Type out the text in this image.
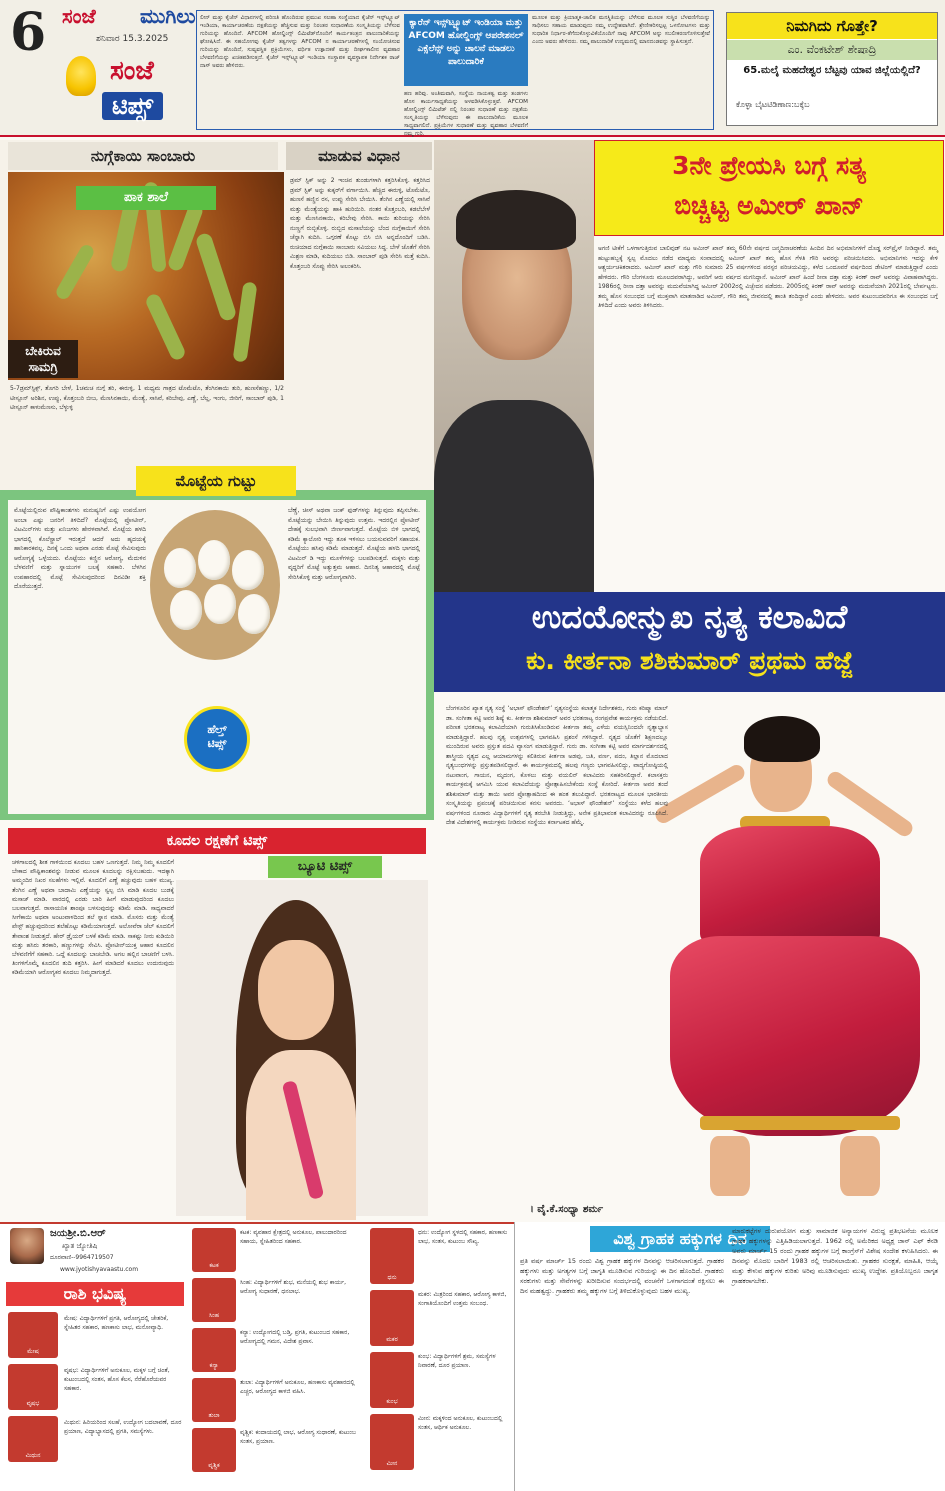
6 ಸಂಜೆ ಮುಗಿಲು
ಶನಿವಾರ 15.3.2025
ಸಂಜೆ
ಟಿಪ್ಸ್
ಲೀನ್ ಮತ್ತು ಕೈಜೆನ್ ವಿಧಾನಗಳಲ್ಲಿ ಪರಿಣತಿ ಹೊಂದಿರುವ ಪ್ರಮುಖ ಸಲಹಾ ಸಂಸ್ಥೆಯಾದ ಕೈಜೆನ್ ಇನ್ಸ್‌ಟ್ಟ್ಯೂಟ್ ಇಂಡಿಯಾ, ಕಾರ್ಯಾಚರಣೆಯ ದಕ್ಷತೆಯನ್ನು ಹೆಚ್ಚಿಸುವ ಮತ್ತು ನಿರಂತರ ಸುಧಾರಣೆಯ ಸಂಸ್ಕೃತಿಯನ್ನು ಬೆಳೆಸುವ ಗುರಿಯನ್ನು ಹೊಂದಿದೆ. AFCOM ಹೋಲ್ಡಿಂಗ್ಸ್ ಲಿಮಿಟೆಡ್‌ನೊಂದಿಗೆ ಕಾರ್ಯತಂತ್ರದ ಪಾಲುದಾರಿಕೆಯನ್ನು ಘೋಷಿಸಿದೆ. ಈ ಸಹಯೋಗವು ಕೈಜೆನ್ ತತ್ವಗಳನ್ನು AFCOM ನ ಕಾರ್ಯಾಚರಣೆಗಳಲ್ಲಿ ಸಂಯೋಜಿಸುವ ಗುರಿಯನ್ನು ಹೊಂದಿದೆ, ಸುವ್ಯವಸ್ಥಿತ ಪ್ರಕ್ರಿಯೆಗಳು, ವರ್ಧಿತ ಉತ್ಪಾದಕತೆ ಮತ್ತು ದೀರ್ಘಕಾಲೀನ ವ್ಯವಹಾರ ಬೆಳವಣಿಗೆಯನ್ನು ಖಚಿತಪಡಿಸುತ್ತದೆ. ಕೈಜೆನ್ ಇನ್ಸ್‌ಟ್ಟ್ಯೂಟ್ ಇಂಡಿಯಾ ಸಂಸ್ಥಾಪಕ ವ್ಯವಸ್ಥಾಪಕ ನಿರ್ದೇಶಕ ರಾಜ್ ದಾಸ್ ಅವರು ಹೇಳಿದರು.
ಕ್ಯಾರೆನ್ ಇನ್ಸ್‌ಟ್ಟ್ಯೂಟ್ ಇಂಡಿಯಾ ಮತ್ತು AFCOM ಹೋಲ್ಡಿಂಗ್ಸ್ ಆಪರೇಶನಲ್ ಎಕ್ಸೆಲೆನ್ಸ್ ಅನ್ನು ಚಾಲನೆ ಮಾಡಲು ಪಾಲುದಾರಿಕೆ
ಹಣ ಹರಿವು. ಅಂತಿಮವಾಗಿ, ಸಂಸ್ಥೆಯ ನಾಯಕತ್ವ ಮತ್ತು ತಂಡಗಳು ಹೊಸ ಕಾರ್ಯಸಾಧ್ಯತೆಯನ್ನು ಅಳವಡಿಸಿಕೊಳ್ಳುತ್ತವೆ. AFCOM ಹೋಲ್ಡಿಂಗ್ಸ್ ಲಿಮಿಟೆಡ್ ನಲ್ಲಿ ನಿರಂತರ ಸುಧಾರಣೆ ಮತ್ತು ದಕ್ಷತೆಯ ಸಂಸ್ಕೃತಿಯನ್ನು ಬೆಳೆಸುವುದು ಈ ಪಾಲುದಾರಿಕೆಯ ಮೂಲಕ ಸಾಧ್ಯವಾಗಲಿದೆ. ಪ್ರಕ್ರಿಯೆಗಳ ಸುಧಾರಣೆ ಮತ್ತು ವ್ಯವಹಾರ ಬೆಳವಣಿಗೆ ನಮ್ಮ ಗುರಿ.
ಮೂಲಕ ಮತ್ತು ಕ್ರಿಯಾತ್ಮಕ-ಚಾಲಿತ ಮನಸ್ಥಿತಿಯನ್ನು ಬೆಳೆಸುವ ಮೂಲಕ ಸುಸ್ಥಿರ ಬೆಳವಣಿಗೆಯನ್ನು ಸಾಧಿಸಲು ಸಹಾಯ ಮಾಡುವುದು ನಮ್ಮ ಉದ್ದೇಶವಾಗಿದೆ. ಶ್ರೇಣೀಕರಿಸಲ್ಪಟ್ಟ ಒಳನೋಟಗಳು ಮತ್ತು ಸುಧಾರಿತ ನಿರ್ಧಾರ-ತೆಗೆದುಕೊಳ್ಳುವಿಕೆಯೊಂದಿಗೆ ನಾವು AFCOM ಅನ್ನು ಸಬಲೀಕರಣಗೊಳಿಸುತ್ತೇವೆ ಎಂದು ಅವರು ಹೇಳಿದರು. ನಮ್ಮ ಪಾಲುದಾರಿಕೆ ಉದ್ಯಮದಲ್ಲಿ ಮಾನದಂಡವನ್ನು ಸ್ಥಾಪಿಸುತ್ತದೆ.
ನಿಮಗಿದು ಗೊತ್ತೇ?
ಎಂ. ವೆಂಕಟೇಶ್ ಶೇಷಾದ್ರಿ
65.ಮಲೈ ಮಹದೇಶ್ವರ ಬೆಟ್ಟವು ಯಾವ ಜಿಲ್ಲೆಯಲ್ಲಿದೆ?
ಕೊಳ್ಳಾ ಬೈಟಟಿಡಿಣಾಣ:ಬಕ್ಕೆಬ
ನುಗ್ಗೆಕಾಯಿ ಸಾಂಬಾರು	ಮಾಡುವ ವಿಧಾನ
ಪಾಕ ಶಾಲೆ
ಬೇಕಿರುವ
ಸಾಮಗ್ರಿ
ಡ್ರಮ್ ಸ್ಟಿಕ್ ಅನ್ನು 2 ಇಂಚಿನ ತುಂಡುಗಳಾಗಿ ಕತ್ತರಿಸಿಕೊಳ್ಳಿ. ಕತ್ತರಿಸಿದ ಡ್ರಮ್ ಸ್ಟಿಕ್ ಅನ್ನು ಕುಕ್ಕರ್‌ಗೆ ವರ್ಗಾಯಿಸಿ. ಹೆಚ್ಚಿದ ಈರುಳ್ಳಿ, ಟೊಮೆಟೊ, ಹುಣಸೆ ಹಣ್ಣಿನ ರಸ, ಉಪ್ಪು ಸೇರಿಸಿ ಬೇಯಿಸಿ. ತೆಂಗಿನ ಎಣ್ಣೆಯಲ್ಲಿ ಸಾಸಿವೆ ಮತ್ತು ಮೆಂತ್ಯೆಯನ್ನು ಹಾಕಿ ಹುರಿಯಿರಿ. ನಂತರ ಕೊತ್ತಂಬರಿ, ಕಡಲೆಬೇಳೆ ಮತ್ತು ಮೆಣಸಿನಕಾಯಿ, ಕರಿಬೇವು ಸೇರಿಸಿ. ಕಾಯಿ ತುರಿಯನ್ನು ಸೇರಿಸಿ ನುಣ್ಣಗೆ ರುಬ್ಬಿಕೊಳ್ಳಿ. ರುಬ್ಬಿದ ಮಸಾಲೆಯನ್ನು ಬೆಂದ ನುಗ್ಗೆಕಾಯಿಗೆ ಸೇರಿಸಿ ಚೆನ್ನಾಗಿ ಕುದಿಸಿ. ಒಗ್ಗರಣೆ ಕೊಟ್ಟು ಬಿಸಿ ಬಿಸಿ ಅನ್ನದೊಂದಿಗೆ ಬಡಿಸಿ. ರುಚಿಯಾದ ನುಗ್ಗೆಕಾಯಿ ಸಾಂಬಾರು ಸವಿಯಲು ಸಿದ್ಧ. ಬೇಳೆ ಜೊತೆಗೆ ಸೇರಿಸಿ ಮಿಶ್ರಣ ಮಾಡಿ, ಕುದಿಯಲು ಬಿಡಿ. ಸಾಂಬಾರ್ ಪುಡಿ ಸೇರಿಸಿ ಮತ್ತೆ ಕುದಿಸಿ. ಕೊತ್ತಂಬರಿ ಸೊಪ್ಪು ಸೇರಿಸಿ ಅಲಂಕರಿಸಿ.
5-7ಡ್ರಮ್‌ಸ್ಟಿಕ್ಸ್, ತೊಗರಿ ಬೇಳೆ, 1ಚಮಚ ನುಗ್ಗೆ ತರಿ, ಈರುಳ್ಳಿ, 1 ಮಧ್ಯಮ ಗಾತ್ರದ ಟೊಮೆಟೊ, ತೆಂಗಿನಕಾಯಿ ತುರಿ, ಹುಣಸೆಹಣ್ಣು, 1/2 ಟೀಸ್ಪೂನ್ ಅರಿಶಿನ, ಉಪ್ಪು, ಕೊತ್ತಂಬರಿ ಬೀಜ, ಮೆಣಸಿನಕಾಯಿ, ಮೆಂತ್ಯೆ, ಸಾಸಿವೆ, ಕರಿಬೇವು, ಎಣ್ಣೆ, ಬೆಲ್ಲ, ಇಂಗು, ಜೀರಿಗೆ, ಸಾಂಬಾರ್ ಪುಡಿ, 1 ಟೀಸ್ಪೂನ್ ಕಾಳುಮೆಣಸು, ಬೆಳ್ಳುಳ್ಳಿ
3ನೇ ಪ್ರೇಯಸಿ ಬಗ್ಗೆ ಸತ್ಯ
ಬಿಚ್ಚಿಟ್ಟ ಅಮೀರ್ ಖಾನ್
ಅಗಣಿ ಟೀಕೆಗೆ ಒಳಗಾಗುತ್ತಿರುವ ಬಾಲಿವುಡ್ ನಟ ಅಮೀರ್ ಖಾನ್ ತಮ್ಮ 60ನೇ ವರ್ಷದ ಜನ್ಮದಿನಾಚರಣೆಯ ಹಿಂದಿನ ದಿನ ಅಭಿಮಾನಿಗಳಿಗೆ ದೊಡ್ಡ ಸರ್‌ಪ್ರೈಸ್ ನೀಡಿದ್ದಾರೆ. ತಮ್ಮ ಹುಟ್ಟುಹಬ್ಬಕ್ಕೆ ಸ್ವಲ್ಪ ಮೊದಲು ನಡೆದ ಮಾಧ್ಯಮ ಸಂವಾದದಲ್ಲಿ ಅಮೀರ್ ಖಾನ್ ತಮ್ಮ ಹೊಸ ಗೆಳತಿ ಗೌರಿ ಅವರನ್ನು ಪರಿಚಯಿಸಿದರು. ಅಭಿಮಾನಿಗಳು ಇದನ್ನು ಕೇಳಿ ಆಶ್ಚರ್ಯಚಕಿತರಾದರು. ಅಮೀರ್ ಖಾನ್ ಮತ್ತು ಗೌರಿ ಸುಮಾರು 25 ವರ್ಷಗಳಿಂದ ಪರಸ್ಪರ ಪರಿಚಯವಿದ್ದು, ಕಳೆದ ಒಂದೂವರೆ ವರ್ಷದಿಂದ ಡೇಟಿಂಗ್ ಮಾಡುತ್ತಿದ್ದಾರೆ ಎಂದು ಹೇಳಿದರು. ಗೌರಿ ಬೆಂಗಳೂರು ಮೂಲದವರಾಗಿದ್ದು, ಅವರಿಗೆ ಆರು ವರ್ಷದ ಮಗನಿದ್ದಾನೆ. ಅಮೀರ್ ಖಾನ್ ಹಿಂದೆ ರೀನಾ ದತ್ತಾ ಮತ್ತು ಕಿರಣ್ ರಾವ್ ಅವರನ್ನು ವಿವಾಹವಾಗಿದ್ದರು. 1986ರಲ್ಲಿ ರೀನಾ ದತ್ತಾ ಅವರನ್ನು ಮದುವೆಯಾಗಿದ್ದ ಅಮೀರ್ 2002ರಲ್ಲಿ ವಿಚ್ಛೇದನ ಪಡೆದರು. 2005ರಲ್ಲಿ ಕಿರಣ್ ರಾವ್ ಅವರನ್ನು ಮದುವೆಯಾಗಿ 2021ರಲ್ಲಿ ಬೇರ್ಪಟ್ಟರು. ತಮ್ಮ ಹೊಸ ಸಂಬಂಧದ ಬಗ್ಗೆ ಮುಕ್ತವಾಗಿ ಮಾತನಾಡಿದ ಅಮೀರ್, ಗೌರಿ ತಮ್ಮ ಜೀವನದಲ್ಲಿ ಶಾಂತಿ ತಂದಿದ್ದಾರೆ ಎಂದು ಹೇಳಿದರು. ಅವರ ಕುಟುಂಬದವರಿಗೂ ಈ ಸಂಬಂಧದ ಬಗ್ಗೆ ತಿಳಿದಿದೆ ಎಂದು ಅವರು ತಿಳಿಸಿದರು.
ಮೊಟ್ಟೆಯ ಗುಟ್ಟು
ಹೆಲ್ತ್
ಟಿಪ್ಸ್
ಮೊಟ್ಟೆಯಲ್ಲಿರುವ ಪೌಷ್ಟಿಕಾಂಶಗಳು ಮನುಷ್ಯನಿಗೆ ಎಷ್ಟು ಉಪಯೋಗ ಅಂಬಾ ಎಷ್ಟು ಜನರಿಗೆ ತಿಳಿದಿದೆ? ಮೊಟ್ಟೆಯಲ್ಲಿ ಪ್ರೋಟೀನ್, ವಿಟಮಿನ್‌ಗಳು ಮತ್ತು ಖನಿಜಗಳು ಹೇರಳವಾಗಿವೆ. ಮೊಟ್ಟೆಯ ಹಳದಿ ಭಾಗದಲ್ಲಿ ಕೊಲೆಸ್ಟ್ರಾಲ್ ಇರುತ್ತದೆ ಆದರೆ ಅದು ಹೃದಯಕ್ಕೆ ಹಾನಿಕಾರಕವಲ್ಲ. ದಿನಕ್ಕೆ ಒಂದು ಅಥವಾ ಎರಡು ಮೊಟ್ಟೆ ಸೇವಿಸುವುದು ಆರೋಗ್ಯಕ್ಕೆ ಒಳ್ಳೆಯದು. ಮೊಟ್ಟೆಯು ಕಣ್ಣಿನ ಆರೋಗ್ಯ, ಮೆದುಳಿನ ಬೆಳವಣಿಗೆ ಮತ್ತು ಸ್ನಾಯುಗಳ ಬಲಕ್ಕೆ ಸಹಕಾರಿ. ಬೆಳಗಿನ ಉಪಹಾರದಲ್ಲಿ ಮೊಟ್ಟೆ ಸೇವಿಸುವುದರಿಂದ ದಿನವಿಡೀ ಶಕ್ತಿ ದೊರೆಯುತ್ತದೆ.
ಬೆಣ್ಣೆ, ಚೀಸ್ ಅಥವಾ ಜಂಕ್ ಫುಡ್‌ಗಳನ್ನು ತಿನ್ನುವುದು ತಪ್ಪಿಸಬೇಕು. ಮೊಟ್ಟೆಯನ್ನು ಬೇಯಿಸಿ ತಿನ್ನುವುದು ಉತ್ತಮ. ಇದರಲ್ಲಿನ ಪ್ರೋಟೀನ್ ದೇಹಕ್ಕೆ ಸುಲಭವಾಗಿ ಜೀರ್ಣವಾಗುತ್ತದೆ. ಮೊಟ್ಟೆಯ ಬಿಳಿ ಭಾಗದಲ್ಲಿ ಕಡಿಮೆ ಕ್ಯಾಲೋರಿ ಇದ್ದು ತೂಕ ಇಳಿಸಲು ಬಯಸುವವರಿಗೆ ಸಹಾಯಕ. ಮೊಟ್ಟೆಯು ಹಸಿವು ಕಡಿಮೆ ಮಾಡುತ್ತದೆ. ಮೊಟ್ಟೆಯ ಹಳದಿ ಭಾಗದಲ್ಲಿ ವಿಟಮಿನ್ ಡಿ ಇದ್ದು ಮೂಳೆಗಳನ್ನು ಬಲಪಡಿಸುತ್ತದೆ. ಮಕ್ಕಳು ಮತ್ತು ವೃದ್ಧರಿಗೆ ಮೊಟ್ಟೆ ಅತ್ಯುತ್ತಮ ಆಹಾರ. ದಿನನಿತ್ಯ ಆಹಾರದಲ್ಲಿ ಮೊಟ್ಟೆ ಸೇರಿಸಿಕೊಳ್ಳಿ ಮತ್ತು ಆರೋಗ್ಯವಾಗಿರಿ.
ಕೂದಲ ರಕ್ಷಣೆಗೆ ಟಿಪ್ಸ್
ಬ್ಯೂಟಿ ಟಿಪ್ಸ್
ಚಳಿಗಾಲದಲ್ಲಿ ಶೀತ ಗಾಳಿಯಿಂದ ಕೂದಲು ಬಹಳ ಒಣಗುತ್ತದೆ. ನಿಮ್ಮ ನಿಮ್ಮ ಕೂದಲಿಗೆ ಬೇಕಾದ ಪೌಷ್ಟಿಕಾಂಶವನ್ನು ನೀಡುವ ಮೂಲಕ ಕೂದಲನ್ನು ರಕ್ಷಿಸಬಹುದು. ಇದಕ್ಕಾಗಿ ಅಮ್ಮಂದಿರ ನಿಖರ ಸಲಹೆಗಳು ಇಲ್ಲಿವೆ. ಕೂದಲಿಗೆ ಎಣ್ಣೆ ಹಚ್ಚುವುದು ಬಹಳ ಮುಖ್ಯ. ತೆಂಗಿನ ಎಣ್ಣೆ ಅಥವಾ ಬಾದಾಮಿ ಎಣ್ಣೆಯನ್ನು ಸ್ವಲ್ಪ ಬಿಸಿ ಮಾಡಿ ಕೂದಲ ಬುಡಕ್ಕೆ ಮಸಾಜ್ ಮಾಡಿ. ವಾರದಲ್ಲಿ ಎರಡು ಬಾರಿ ಹೀಗೆ ಮಾಡುವುದರಿಂದ ಕೂದಲು ಬಲವಾಗುತ್ತದೆ. ರಾಸಾಯನಿಕ ಶಾಂಪೂ ಬಳಸುವುದನ್ನು ಕಡಿಮೆ ಮಾಡಿ. ಸಾಧ್ಯವಾದರೆ ಸೀಗೆಕಾಯಿ ಅಥವಾ ಅಂಟುವಾಳದಿಂದ ತಲೆ ಸ್ನಾನ ಮಾಡಿ. ಮೊಸರು ಮತ್ತು ಮೆಂತ್ಯೆ ಪೇಸ್ಟ್ ಹಚ್ಚುವುದರಿಂದ ತಲೆಹೊಟ್ಟು ಕಡಿಮೆಯಾಗುತ್ತದೆ. ಅಲೋವೆರಾ ಜೆಲ್ ಕೂದಲಿಗೆ ತೇವಾಂಶ ನೀಡುತ್ತದೆ. ಹೇರ್ ಡ್ರೈಯರ್ ಬಳಕೆ ಕಡಿಮೆ ಮಾಡಿ. ಸಾಕಷ್ಟು ನೀರು ಕುಡಿಯಿರಿ ಮತ್ತು ಹಸಿರು ತರಕಾರಿ, ಹಣ್ಣುಗಳನ್ನು ಸೇವಿಸಿ. ಪ್ರೋಟೀನ್‌ಯುಕ್ತ ಆಹಾರ ಕೂದಲಿನ ಬೆಳವಣಿಗೆಗೆ ಸಹಕಾರಿ. ಒದ್ದೆ ಕೂದಲನ್ನು ಬಾಚಬೇಡಿ. ಅಗಲ ಹಲ್ಲಿನ ಬಾಚಣಿಗೆ ಬಳಸಿ. ತಿಂಗಳಿಗೊಮ್ಮೆ ಕೂದಲಿನ ತುದಿ ಕತ್ತರಿಸಿ. ಹೀಗೆ ಮಾಡಿದರೆ ಕೂದಲು ಉದುರುವುದು ಕಡಿಮೆಯಾಗಿ ಆರೋಗ್ಯಕರ ಕೂದಲು ನಿಮ್ಮದಾಗುತ್ತದೆ.
ಉದಯೋನ್ಮುಖ ನೃತ್ಯ ಕಲಾವಿದೆ
ಕು. ಕೀರ್ತನಾ ಶಶಿಕುಮಾರ್ ಪ್ರಥಮ ಹೆಜ್ಜೆ
ಬೆಂಗಳೂರಿನ ಖ್ಯಾತ ನೃತ್ಯ ಸಂಸ್ಥೆ ‘ಅಭಾಸ್ ಫೌಂಡೇಶನ್’ ನೃತ್ಯಸಂಸ್ಥೆಯ ಕಲಾತ್ಮಕ ನಿರ್ದೇಶಕರು, ಗುರು ಕರಿಷ್ಮಾ ಮಾಲ್ ಡಾ. ಸಂಗೀತಾ ಕಟ್ಟಿ ಅವರ ಶಿಷ್ಯೆ ಕು. ಕೀರ್ತನಾ ಶಶಿಕುಮಾರ್ ಅವರ ಭರತನಾಟ್ಯ ರಂಗಪ್ರವೇಶ ಕಾರ್ಯಕ್ರಮ ನಡೆಯಲಿದೆ. ಪರಿಣತ ಭರತನಾಟ್ಯ ಕಲಾವಿದೆಯಾಗಿ ಗುರುತಿಸಿಕೊಂಡಿರುವ ಕೀರ್ತನಾ ತಮ್ಮ ಎಳೆಯ ವಯಸ್ಸಿನಿಂದಲೇ ನೃತ್ಯಾಭ್ಯಾಸ ಮಾಡುತ್ತಿದ್ದಾರೆ. ಹಲವು ನೃತ್ಯ ಉತ್ಸವಗಳಲ್ಲಿ ಭಾಗವಹಿಸಿ ಪ್ರಶಂಸೆ ಗಳಿಸಿದ್ದಾರೆ. ನೃತ್ಯದ ಜೊತೆಗೆ ಶಿಕ್ಷಣದಲ್ಲೂ ಮುಂದಿರುವ ಅವರು ಪ್ರಸ್ತುತ ಪದವಿ ವ್ಯಾಸಂಗ ಮಾಡುತ್ತಿದ್ದಾರೆ. ಗುರು ಡಾ. ಸಂಗೀತಾ ಕಟ್ಟಿ ಅವರ ಮಾರ್ಗದರ್ಶನದಲ್ಲಿ ಶಾಸ್ತ್ರೀಯ ನೃತ್ಯದ ಎಲ್ಲ ಆಯಾಮಗಳನ್ನು ಕಲಿತಿರುವ ಕೀರ್ತನಾ ಅಡವು, ಜತಿ, ವರ್ಣ, ಪದಂ, ತಿಲ್ಲಾನ ಮೊದಲಾದ ನೃತ್ಯಬಂಧಗಳನ್ನು ಪ್ರಸ್ತುತಪಡಿಸಲಿದ್ದಾರೆ. ಈ ಕಾರ್ಯಕ್ರಮದಲ್ಲಿ ಹಲವು ಗಣ್ಯರು ಭಾಗವಹಿಸಲಿದ್ದು, ವಾದ್ಯಗೋಷ್ಠಿಯಲ್ಲಿ ನಟುವಾಂಗ, ಗಾಯನ, ಮೃದಂಗ, ಕೊಳಲು ಮತ್ತು ವಯಲಿನ್ ಕಲಾವಿದರು ಸಹಕರಿಸಲಿದ್ದಾರೆ. ಕಲಾಸಕ್ತರು ಕಾರ್ಯಕ್ರಮಕ್ಕೆ ಆಗಮಿಸಿ ಯುವ ಕಲಾವಿದೆಯನ್ನು ಪ್ರೋತ್ಸಾಹಿಸಬೇಕೆಂದು ಸಂಸ್ಥೆ ಕೋರಿದೆ. ಕೀರ್ತನಾ ಅವರ ತಂದೆ ಶಶಿಕುಮಾರ್ ಮತ್ತು ತಾಯಿ ಅವರ ಪ್ರೋತ್ಸಾಹದಿಂದ ಈ ಹಂತ ತಲುಪಿದ್ದಾರೆ. ಭರತನಾಟ್ಯದ ಮೂಲಕ ಭಾರತೀಯ ಸಂಸ್ಕೃತಿಯನ್ನು ಪ್ರಪಂಚಕ್ಕೆ ಪರಿಚಯಿಸುವ ಕನಸು ಅವರದು. ‘ಅಭಾಸ್ ಫೌಂಡೇಶನ್’ ಸಂಸ್ಥೆಯು ಕಳೆದ ಹಲವು ವರ್ಷಗಳಿಂದ ನೂರಾರು ವಿದ್ಯಾರ್ಥಿಗಳಿಗೆ ನೃತ್ಯ ತರಬೇತಿ ನೀಡುತ್ತಿದ್ದು, ಅನೇಕ ಪ್ರತಿಭಾವಂತ ಕಲಾವಿದರನ್ನು ರೂಪಿಸಿದೆ. ದೇಶ ವಿದೇಶಗಳಲ್ಲಿ ಕಾರ್ಯಕ್ರಮ ನೀಡಿರುವ ಸಂಸ್ಥೆಯು ಕರ್ನಾಟಕದ ಹೆಮ್ಮೆ.
। ವೈ.ಕೆ.ಸಂಧ್ಯಾ ಶರ್ಮ
ಜಯಶ್ರೀ.ಬಿ.ಆರ್
ಖ್ಯಾತ ಜ್ಯೋತಿಷಿ
ದೂರವಾಣಿ--9964719507
www.jyotishyavaastu.com
ರಾಶಿ ಭವಿಷ್ಯ
ಮೇಷ
ಮೇಷ: ವಿದ್ಯಾರ್ಥಿಗಳಿಗೆ ಪ್ರಗತಿ, ಆರೋಗ್ಯದಲ್ಲಿ ಚೇತರಿಕೆ, ಸ್ನೇಹಿತರ ಸಹಕಾರ, ಹಣಕಾಸು ಲಾಭ, ಮನೋವ್ಯಾಧಿ.
ವೃಷಭ
ವೃಷಭ: ವಿದ್ಯಾರ್ಥಿಗಳಿಗೆ ಅನುಕೂಲ, ಮಕ್ಕಳ ಬಗ್ಗೆ ಚಿಂತೆ, ಕುಟುಂಬದಲ್ಲಿ ಸಂತಸ, ಹೊಸ ಕೆಲಸ, ನೆರೆಹೊರೆಯವರ ಸಹಕಾರ.
ಮಿಥುನ
ಮಿಥುನ: ಹಿರಿಯರಿಂದ ಸಲಹೆ, ಉದ್ಯೋಗ ಬದಲಾವಣೆ, ದೂರ ಪ್ರಯಾಣ, ವಿದ್ಯಾಭ್ಯಾಸದಲ್ಲಿ ಪ್ರಗತಿ, ಸಮಸ್ಯೆಗಳು.
ಕಟಕ
ಕಟಕ: ವ್ಯವಹಾರ ಕ್ಷೇತ್ರದಲ್ಲಿ ಅನುಕೂಲ, ಪಾಲುದಾರರಿಂದ ಸಹಾಯ, ಸ್ನೇಹಿತರಿಂದ ಸಹಕಾರ.
ಸಿಂಹ
ಸಿಂಹ: ವಿದ್ಯಾರ್ಥಿಗಳಿಗೆ ಶುಭ, ಮನೆಯಲ್ಲಿ ಶುಭ ಕಾರ್ಯ, ಆರೋಗ್ಯ ಸುಧಾರಣೆ, ಧನಲಾಭ.
ಕನ್ಯಾ
ಕನ್ಯಾ: ಉದ್ಯೋಗದಲ್ಲಿ ಬಡ್ತಿ, ಪ್ರಗತಿ, ಕುಟುಂಬದ ಸಹಕಾರ, ಆರೋಗ್ಯದಲ್ಲಿ ಗಮನ, ವಿದೇಶ ಪ್ರವಾಸ.
ತುಲಾ
ತುಲಾ: ವಿದ್ಯಾರ್ಥಿಗಳಿಗೆ ಅನುಕೂಲ, ಹಣಕಾಸು ವ್ಯವಹಾರದಲ್ಲಿ ಎಚ್ಚರ, ಆರೋಗ್ಯದ ಕಾಳಜಿ ವಹಿಸಿ.
ವೃಶ್ಚಿಕ
ವೃಶ್ಚಿಕ: ಕಂದಾಯದಲ್ಲಿ ಲಾಭ, ಆರೋಗ್ಯ ಸುಧಾರಣೆ, ಕುಟುಂಬ ಸಂತಸ, ಪ್ರಯಾಣ.
ಧನು
ಧನು: ಉದ್ಯೋಗ ಸ್ಥಳದಲ್ಲಿ ಸಹಕಾರ, ಹಣಕಾಸು ಲಾಭ, ಸಂತಸ, ಕುಟುಂಬ ಸೌಖ್ಯ.
ಮಕರ
ಮಕರ: ಮಿತ್ರರಿಂದ ಸಹಕಾರ, ಆರೋಗ್ಯ ಕಾಳಜಿ, ಸಂಗಾತಿಯೊಂದಿಗೆ ಉತ್ತಮ ಸಂಬಂಧ.
ಕುಂಭ
ಕುಂಭ: ವಿದ್ಯಾರ್ಥಿಗಳಿಗೆ ಶ್ರಮ, ಸಮಸ್ಯೆಗಳ ನಿವಾರಣೆ, ದೂರ ಪ್ರಯಾಣ.
ಮೀನ
ಮೀನ: ಮಕ್ಕಳಿಂದ ಅನುಕೂಲ, ಕುಟುಂಬದಲ್ಲಿ ಸಂತಸ, ಆರ್ಥಿಕ ಅನುಕೂಲ.
ವಿಶ್ವ ಗ್ರಾಹಕ ಹಕ್ಕುಗಳ ದಿನ
ಪ್ರತಿ ವರ್ಷ ಮಾರ್ಚ್ 15 ರಂದು ವಿಶ್ವ ಗ್ರಾಹಕ ಹಕ್ಕುಗಳ ದಿನವನ್ನು ಆಚರಿಸಲಾಗುತ್ತದೆ. ಗ್ರಾಹಕರ ಹಕ್ಕುಗಳು ಮತ್ತು ಅಗತ್ಯಗಳ ಬಗ್ಗೆ ಜಾಗೃತಿ ಮೂಡಿಸುವ ಗುರಿಯನ್ನು ಈ ದಿನ ಹೊಂದಿದೆ. ಗ್ರಾಹಕರು ಸರಕುಗಳು ಮತ್ತು ಸೇವೆಗಳನ್ನು ಖರೀದಿಸುವ ಸಂದರ್ಭದಲ್ಲಿ ವಂಚನೆಗೆ ಒಳಗಾಗದಂತೆ ರಕ್ಷಿಸಲು ಈ ದಿನ ಮಹತ್ವದ್ದು. ಗ್ರಾಹಕರು ತಮ್ಮ ಹಕ್ಕುಗಳ ಬಗ್ಗೆ ತಿಳಿದುಕೊಳ್ಳುವುದು ಬಹಳ ಮುಖ್ಯ.
ಮಾರುಕಟ್ಟೆಗಳ ದುರುಪಯೋಗ ಮತ್ತು ಸಾಮಾಜಿಕ ಅನ್ಯಾಯಗಳ ವಿರುದ್ಧ ಪ್ರತಿಭಟನೆಯ ಮೂಲಕ ಗ್ರಾಹಕ ಹಕ್ಕುಗಳನ್ನು ಎತ್ತಿಹಿಡಿಯಲಾಗುತ್ತದೆ. 1962 ರಲ್ಲಿ ಅಮೆರಿಕದ ಅಧ್ಯಕ್ಷ ಜಾನ್ ಎಫ್ ಕೆನಡಿ ಅವರು ಮಾರ್ಚ್ 15 ರಂದು ಗ್ರಾಹಕ ಹಕ್ಕುಗಳ ಬಗ್ಗೆ ಕಾಂಗ್ರೆಸ್‌ಗೆ ವಿಶೇಷ ಸಂದೇಶ ಕಳುಹಿಸಿದರು. ಈ ದಿನವನ್ನು ಮೊದಲ ಬಾರಿಗೆ 1983 ರಲ್ಲಿ ಆಚರಿಸಲಾಯಿತು. ಗ್ರಾಹಕರ ಸುರಕ್ಷತೆ, ಮಾಹಿತಿ, ಆಯ್ಕೆ ಮತ್ತು ಕೇಳುವ ಹಕ್ಕುಗಳ ಕುರಿತು ಅರಿವು ಮೂಡಿಸುವುದು ಮುಖ್ಯ ಉದ್ದೇಶ. ಪ್ರತಿಯೊಬ್ಬರೂ ಜಾಗೃತ ಗ್ರಾಹಕರಾಗಬೇಕು.
